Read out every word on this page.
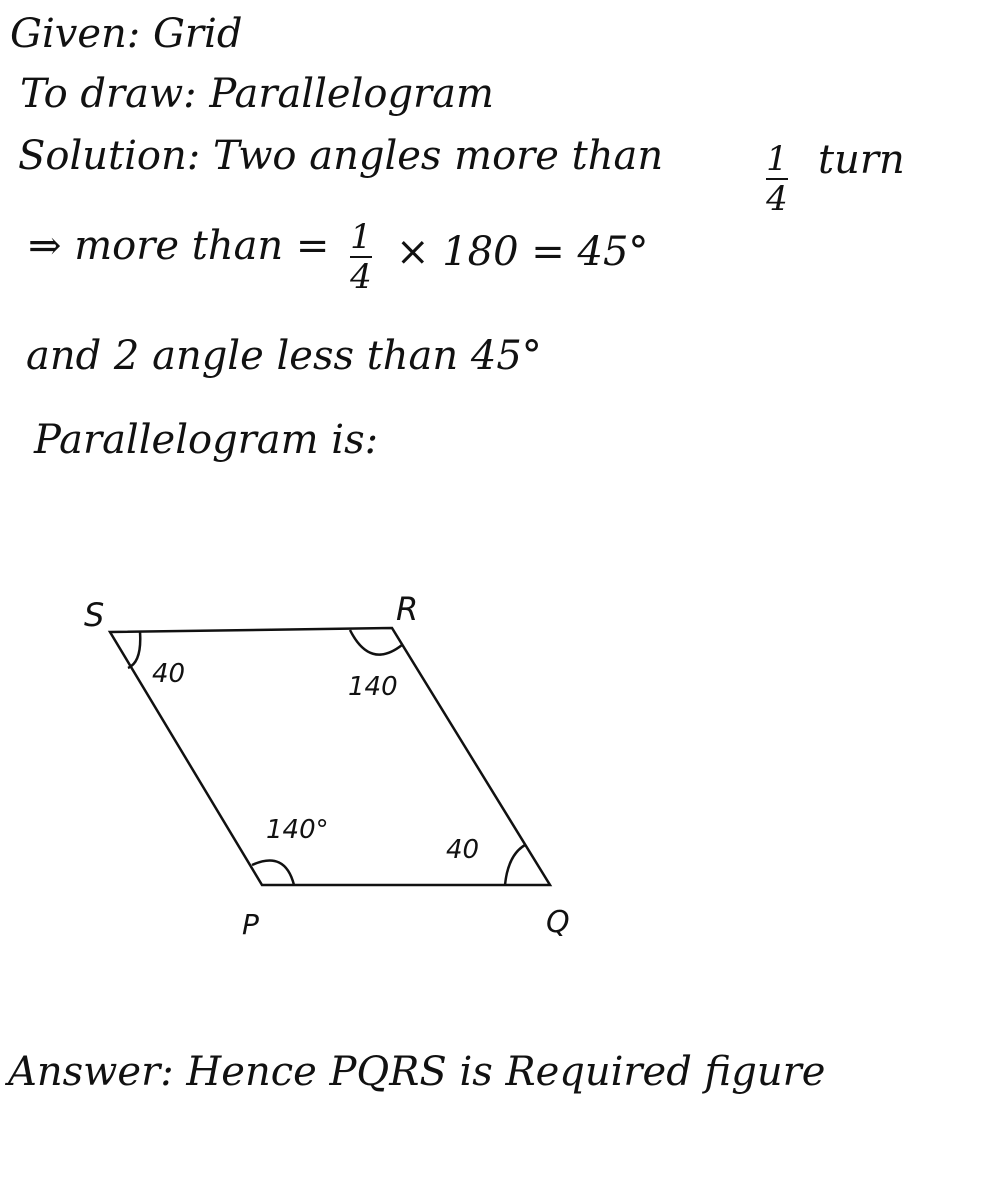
Given: Grid
To draw: Parallelogram
Solution: Two angles more than	1
4
turn
⇒ more than = 1
4
× 180 = 45°
and 2 angle less than 45°
Parallelogram is:
S	R
P	Q
40	140
140°
40
Answer: Hence PQRS is Required figure
